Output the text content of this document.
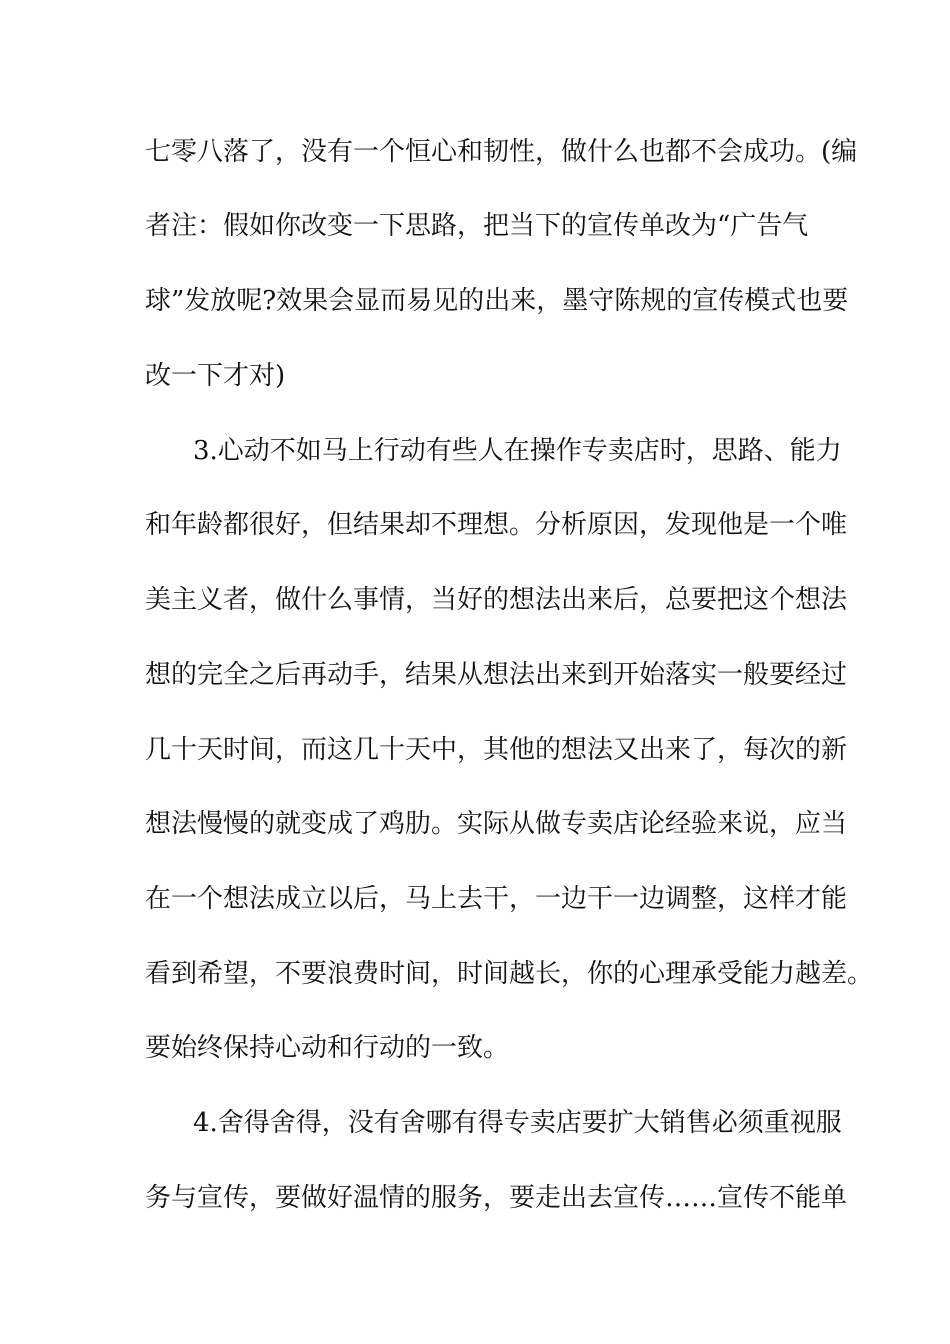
七零八落了，没有一个恒心和韧性，做什么也都不会成功。(编
者注：假如你改变一下思路，把当下的宣传单改为“广告气
球”发放呢?效果会显而易见的出来，墨守陈规的宣传模式也要
改一下才对)
3.心动不如马上行动有些人在操作专卖店时，思路、能力
和年龄都很好，但结果却不理想。分析原因，发现他是一个唯
美主义者，做什么事情，当好的想法出来后，总要把这个想法
想的完全之后再动手，结果从想法出来到开始落实一般要经过
几十天时间，而这几十天中，其他的想法又出来了，每次的新
想法慢慢的就变成了鸡肋。实际从做专卖店论经验来说，应当
在一个想法成立以后，马上去干，一边干一边调整，这样才能
看到希望，不要浪费时间，时间越长，你的心理承受能力越差。
要始终保持心动和行动的一致。
4.舍得舍得，没有舍哪有得专卖店要扩大销售必须重视服
务与宣传，要做好温情的服务，要走出去宣传……宣传不能单
